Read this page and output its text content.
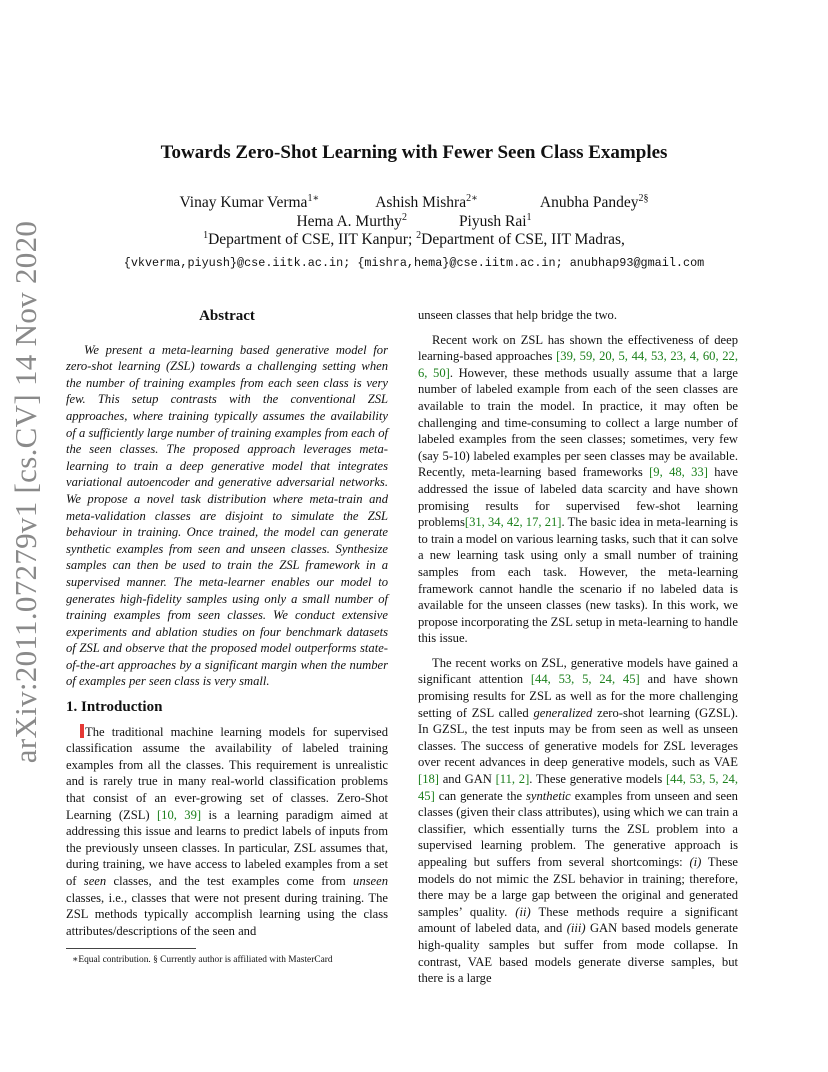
Towards Zero-Shot Learning with Fewer Seen Class Examples
Vinay Kumar Verma$^{1∗}$	Ashish Mishra$^{2∗}$	Anubha Pandey$^{2\S}$
Hema A. Murthy$^2$	Piyush Rai$^1$
$^1$Department of CSE, IIT Kanpur; $^2$Department of CSE, IIT Madras,
{vkverma,piyush}@cse.iitk.ac.in; {mishra,hema}@cse.iitm.ac.in; anubhap93@gmail.com
arXiv:2011.07279v1 [cs.CV] 14 Nov 2020	Abstract

We present a meta-learning based generative model for zero-shot learning (ZSL) towards a challenging setting when the number of training examples from each seen class is very few. This setup contrasts with the conventional ZSL approaches, where training typically assumes the availability of a sufficiently large number of training examples from each of the seen classes. The proposed approach leverages meta-learning to train a deep generative model that integrates variational autoencoder and generative adversarial networks. We propose a novel task distribution where meta-train and meta-validation classes are disjoint to simulate the ZSL behaviour in training. Once trained, the model can generate synthetic examples from seen and unseen classes. Synthesize samples can then be used to train the ZSL framework in a supervised manner. The meta-learner enables our model to generates high-fidelity samples using only a small number of training examples from seen classes. We conduct extensive experiments and ablation studies on four benchmark datasets of ZSL and observe that the proposed model outperforms state-of-the-art approaches by a significant margin when the number of examples per seen class is very small.

1. Introduction

The traditional machine learning models for supervised classification assume the availability of labeled training examples from all the classes. This requirement is unrealistic and is rarely true in many real-world classification problems that consist of an ever-growing set of classes. Zero-Shot Learning (ZSL) [10, 39] is a learning paradigm aimed at addressing this issue and learns to predict labels of inputs from the previously unseen classes. In particular, ZSL assumes that, during training, we have access to labeled examples from a set of seen classes, and the test examples come from unseen classes, i.e., classes that were not present during training. The ZSL methods typically accomplish learning using the class attributes/descriptions of the seen and

∗Equal contribution. § Currently author is affiliated with MasterCard

unseen classes that help bridge the two.

Recent work on ZSL has shown the effectiveness of deep learning-based approaches [39, 59, 20, 5, 44, 53, 23, 4, 60, 22, 6, 50]. However, these methods usually assume that a large number of labeled example from each of the seen classes are available to train the model. In practice, it may often be challenging and time-consuming to collect a large number of labeled examples from the seen classes; sometimes, very few (say 5-10) labeled examples per seen classes may be available. Recently, meta-learning based frameworks [9, 48, 33] have addressed the issue of labeled data scarcity and have shown promising results for supervised few-shot learning problems[31, 34, 42, 17, 21]. The basic idea in meta-learning is to train a model on various learning tasks, such that it can solve a new learning task using only a small number of training samples from each task. However, the meta-learning framework cannot handle the scenario if no labeled data is available for the unseen classes (new tasks). In this work, we propose incorporating the ZSL setup in meta-learning to handle this issue.

The recent works on ZSL, generative models have gained a significant attention [44, 53, 5, 24, 45] and have shown promising results for ZSL as well as for the more challenging setting of ZSL called generalized zero-shot learning (GZSL). In GZSL, the test inputs may be from seen as well as unseen classes. The success of generative models for ZSL leverages over recent advances in deep generative models, such as VAE [18] and GAN [11, 2]. These generative models [44, 53, 5, 24, 45] can generate the synthetic examples from unseen and seen classes (given their class attributes), using which we can train a classifier, which essentially turns the ZSL problem into a supervised learning problem. The generative approach is appealing but suffers from several shortcomings: (i) These models do not mimic the ZSL behavior in training; therefore, there may be a large gap between the original and generated samples’ quality. (ii) These methods require a significant amount of labeled data, and (iii) GAN based models generate high-quality samples but suffer from mode collapse. In contrast, VAE based models generate diverse samples, but there is a large
